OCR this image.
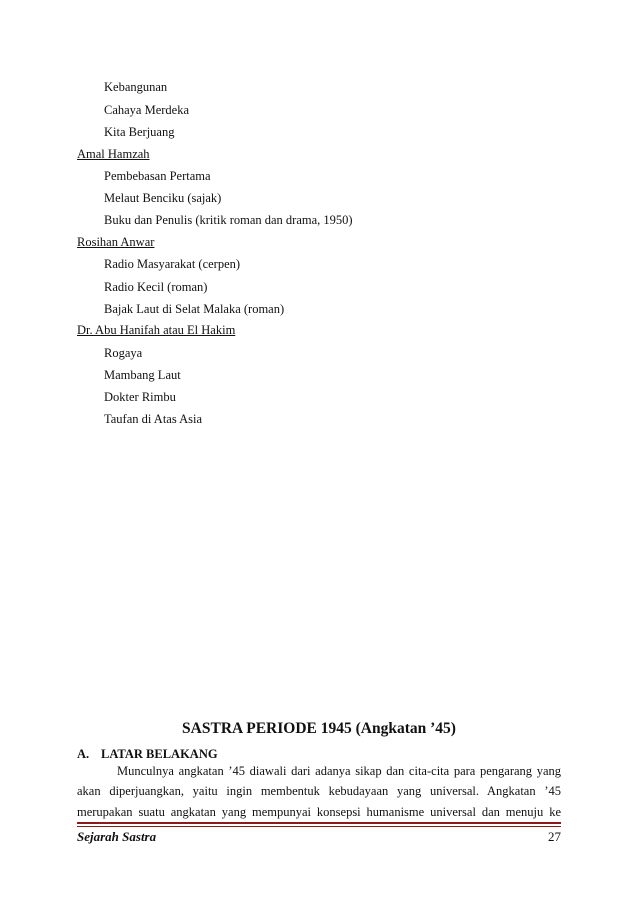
Kebangunan
Cahaya Merdeka
Kita Berjuang
Amal Hamzah
Pembebasan Pertama
Melaut Benciku (sajak)
Buku dan Penulis (kritik roman dan drama, 1950)
Rosihan Anwar
Radio Masyarakat (cerpen)
Radio Kecil (roman)
Bajak Laut di Selat Malaka (roman)
Dr. Abu Hanifah atau El Hakim
Rogaya
Mambang Laut
Dokter Rimbu
Taufan di Atas Asia
SASTRA PERIODE 1945 (Angkatan ’45)
A. LATAR BELAKANG
Munculnya angkatan ’45 diawali dari adanya sikap dan cita-cita para pengarang yang
akan diperjuangkan, yaitu ingin membentuk kebudayaan yang universal. Angkatan ’45
merupakan suatu angkatan yang mempunyai konsepsi humanisme universal dan menuju ke
Sejarah Sastra	27
